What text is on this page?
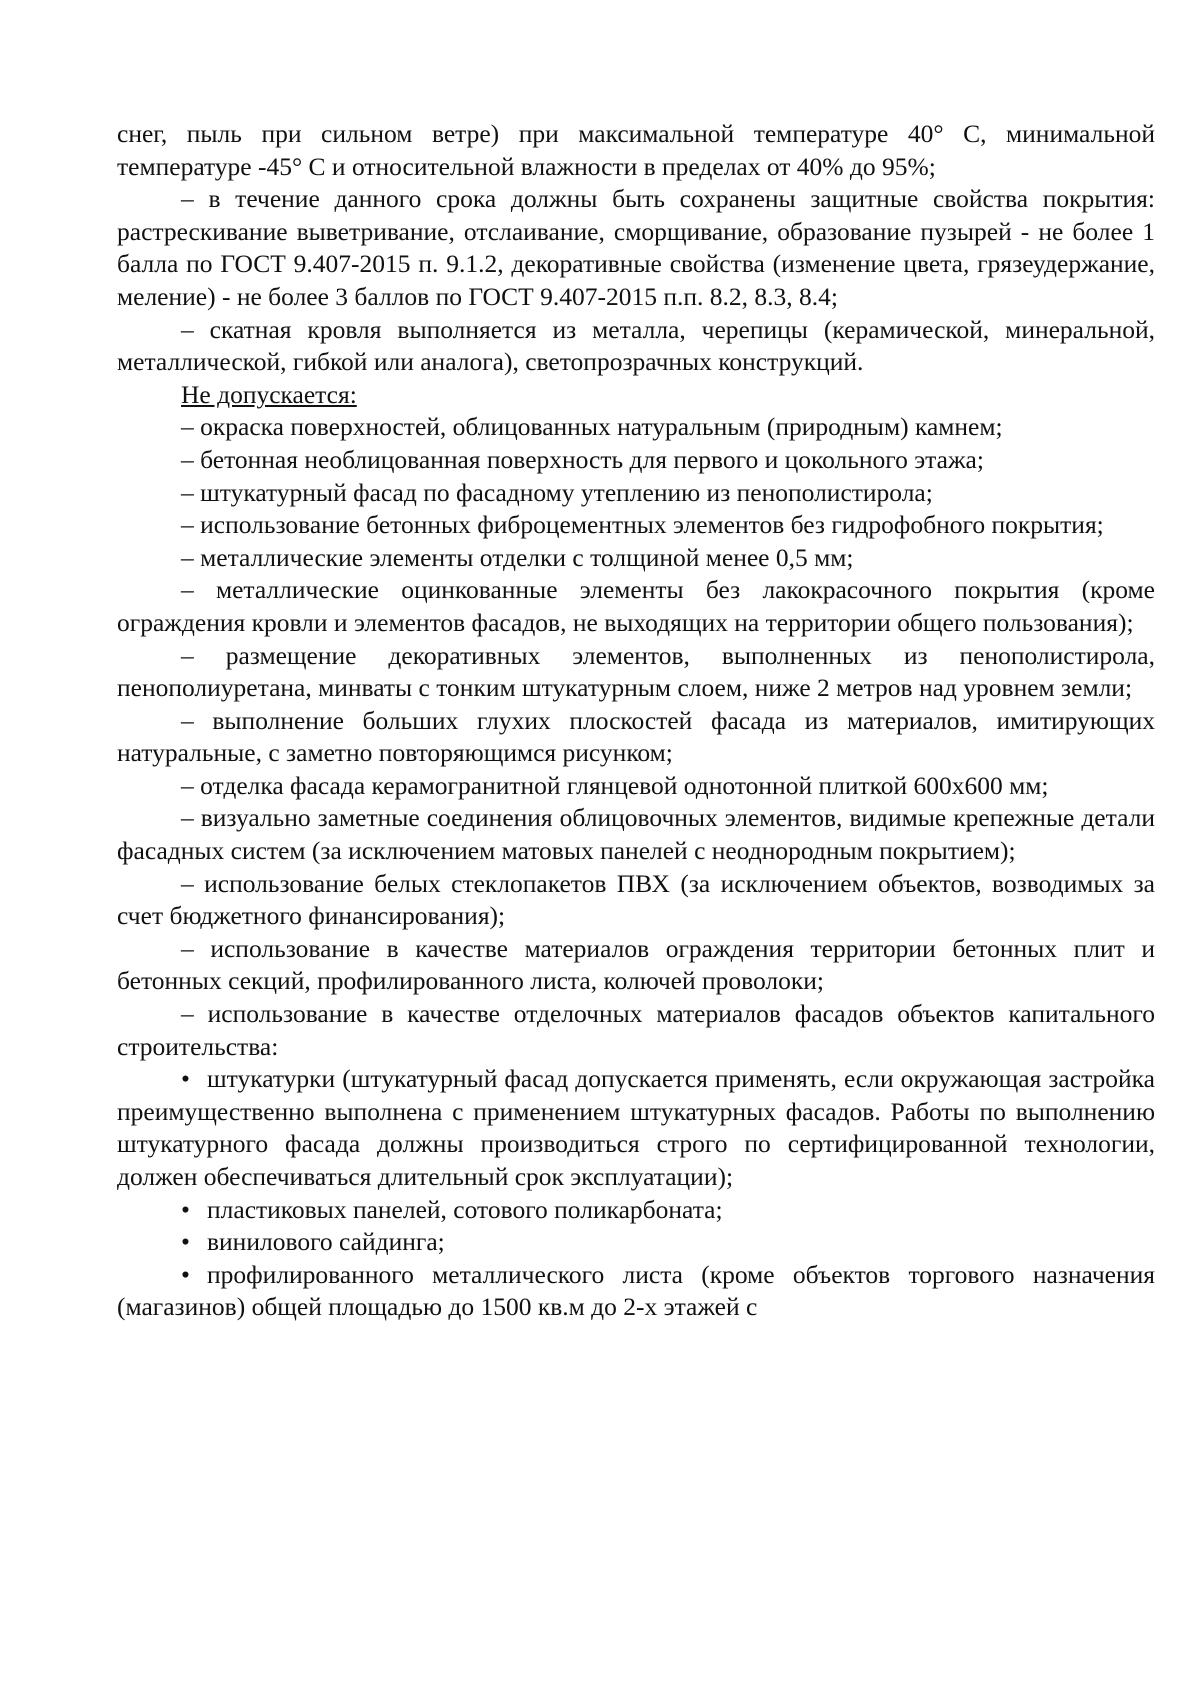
снег, пыль при сильном ветре) при максимальной температуре 40° С, минимальной температуре -45° С и относительной влажности в пределах от 40% до 95%;

– в течение данного срока должны быть сохранены защитные свойства покрытия: растрескивание выветривание, отслаивание, сморщивание, образование пузырей - не более 1 балла по ГОСТ 9.407-2015 п. 9.1.2, декоративные свойства (изменение цвета, грязеудержание, меление) - не более 3 баллов по ГОСТ 9.407-2015 п.п. 8.2, 8.3, 8.4;

– скатная кровля выполняется из металла, черепицы (керамической, минеральной, металлической, гибкой или аналога), светопрозрачных конструкций.

Не допускается:

– окраска поверхностей, облицованных натуральным (природным) камнем;

– бетонная необлицованная поверхность для первого и цокольного этажа;

– штукатурный фасад по фасадному утеплению из пенополистирола;

– использование бетонных фиброцементных элементов без гидрофобного покрытия;

– металлические элементы отделки с толщиной менее 0,5 мм;

– металлические оцинкованные элементы без лакокрасочного покрытия (кроме ограждения кровли и элементов фасадов, не выходящих на территории общего пользования);

– размещение декоративных элементов, выполненных из пенополистирола, пенополиуретана, минваты с тонким штукатурным слоем, ниже 2 метров над уровнем земли;

– выполнение больших глухих плоскостей фасада из материалов, имитирующих натуральные, с заметно повторяющимся рисунком;

– отделка фасада керамогранитной глянцевой однотонной плиткой 600х600 мм;

– визуально заметные соединения облицовочных элементов, видимые крепежные детали фасадных систем (за исключением матовых панелей с неоднородным покрытием);

– использование белых стеклопакетов ПВХ (за исключением объектов, возводимых за счет бюджетного финансирования);

– использование в качестве материалов ограждения территории бетонных плит и бетонных секций, профилированного листа, колючей проволоки;

– использование в качестве отделочных материалов фасадов объектов капитального строительства:

• штукатурки (штукатурный фасад допускается применять, если окружающая застройка преимущественно выполнена с применением штукатурных фасадов. Работы по выполнению штукатурного фасада должны производиться строго по сертифицированной технологии, должен обеспечиваться длительный срок эксплуатации);

• пластиковых панелей, сотового поликарбоната;

• винилового сайдинга;

• профилированного металлического листа (кроме объектов торгового назначения (магазинов) общей площадью до 1500 кв.м до 2-х этажей с
